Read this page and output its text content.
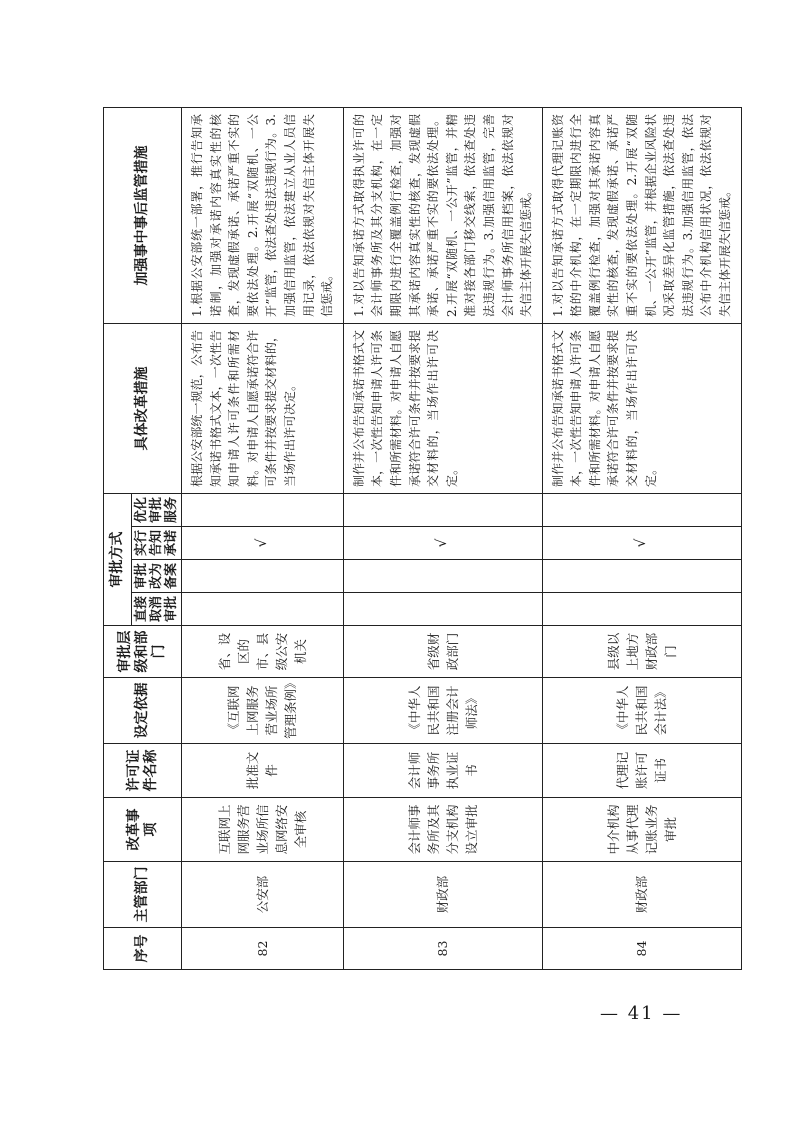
序号	主管部门	改革事项	许可证件名称	设定依据	审批层级和部门	审批方式				具体改革措施	加强事中事后监管措施
						直接取消审批	审批改为备案	实行告知承诺	优化审批服务		
82	公安部	互联网上网服务营业场所信息网络安全审核	批准文件	《互联网上网服务营业场所管理条例》	省、设区的市、县级公安机关			√		根据公安部统一规范，公布告知承诺书格式文本，一次性告知申请人许可条件和所需材料。对申请人自愿承诺符合许可条件并按要求提交材料的，当场作出许可决定。	1.根据公安部统一部署，推行告知承诺制，加强对承诺内容真实性的核查，发现虚假承诺、承诺严重不实的要依法处理。2.开展“双随机、一公开”监管，依法查处违法违规行为。3.加强信用监管，依法建立从业人员信用记录，依法依规对失信主体开展失信惩戒。
83	财政部	会计师事务所及其分支机构设立审批	会计师事务所执业证书	《中华人民共和国注册会计师法》	省级财政部门			√		制作并公布告知承诺书格式文本，一次性告知申请人许可条件和所需材料。对申请人自愿承诺符合许可条件并按要求提交材料的，当场作出许可决定。	1.对以告知承诺方式取得执业许可的会计师事务所及其分支机构，在一定期限内进行全覆盖例行检查，加强对其承诺内容真实性的核查，发现虚假承诺、承诺严重不实的要依法处理。2.开展“双随机、一公开”监管，并精准对接各部门移交线索，依法查处违法违规行为。3.加强信用监管，完善会计师事务所信用档案，依法依规对失信主体开展失信惩戒。
84	财政部	中介机构从事代理记账业务审批	代理记账许可证书	《中华人民共和国会计法》	县级以上地方财政部门			√		制作并公布告知承诺书格式文本，一次性告知申请人许可条件和所需材料。对申请人自愿承诺符合许可条件并按要求提交材料的，当场作出许可决定。	1.对以告知承诺方式取得代理记账资格的中介机构，在一定期限内进行全覆盖例行检查，加强对其承诺内容真实性的核查，发现虚假承诺、承诺严重不实的要依法处理。2.开展“双随机、一公开”监管，并根据企业风险状况采取差异化监管措施，依法查处违法违规行为。3.加强信用监管，依法公布中介机构信用状况，依法依规对失信主体开展失信惩戒。
— 41 —
